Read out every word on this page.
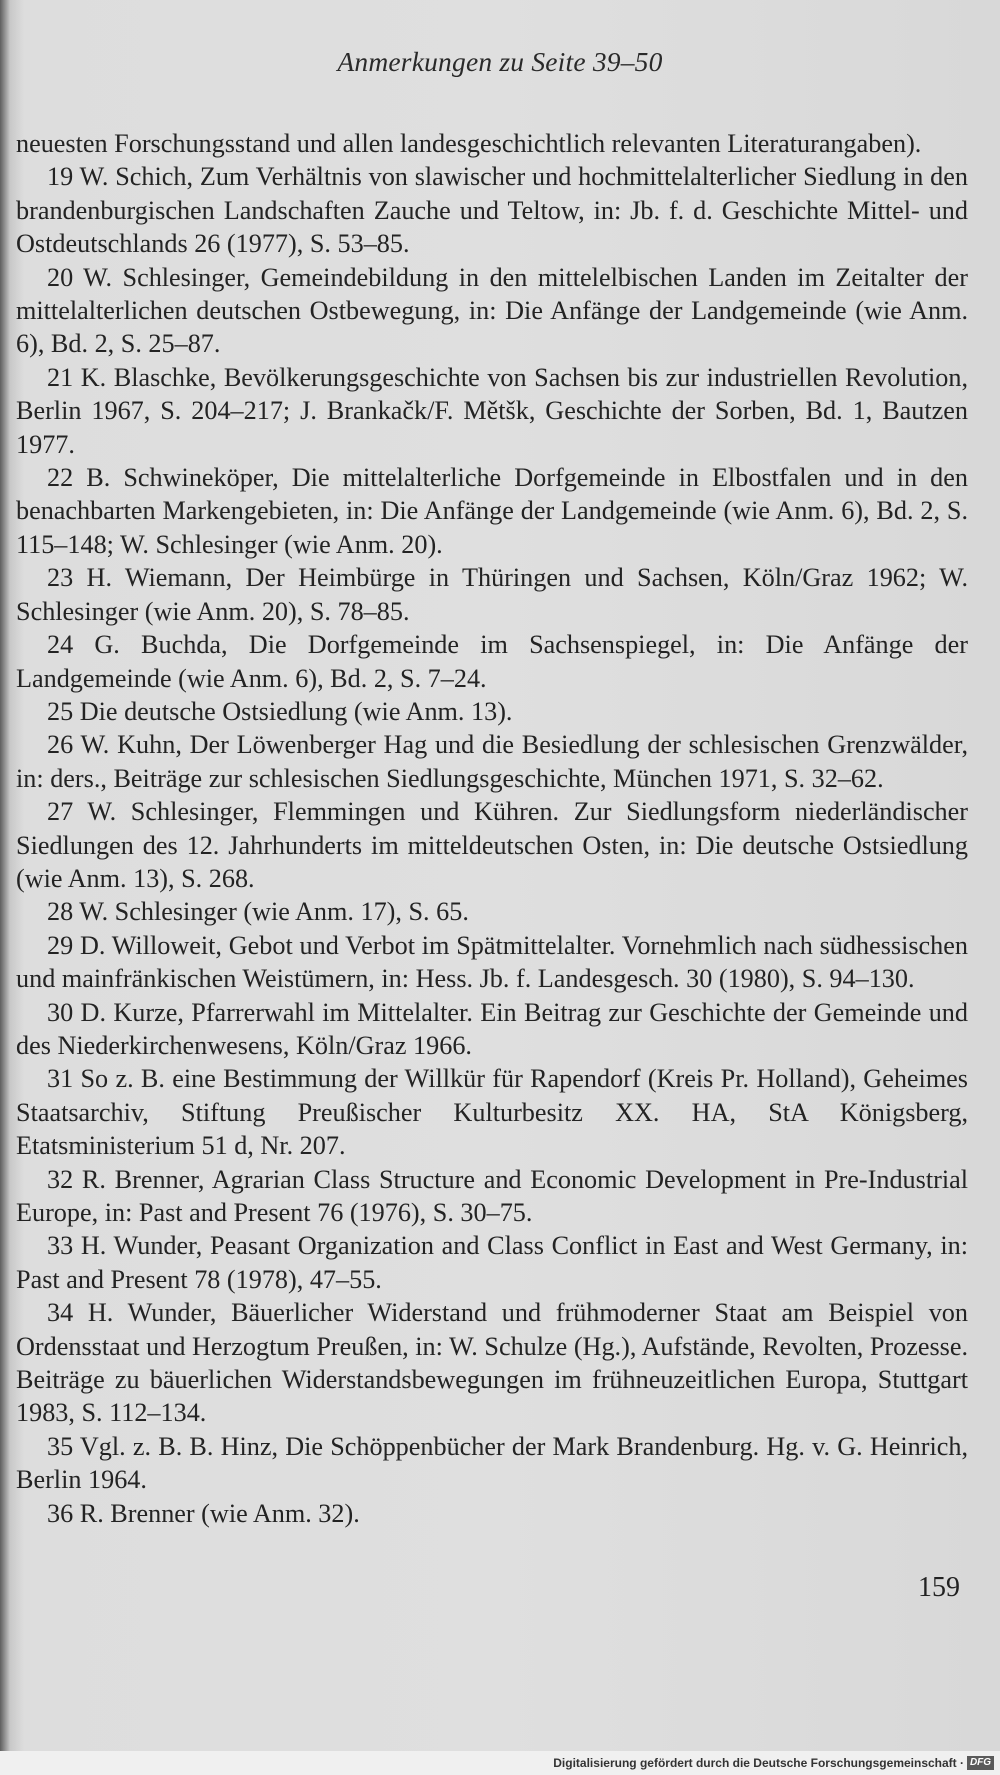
Anmerkungen zu Seite 39–50

neuesten Forschungsstand und allen landesgeschichtlich relevanten Literaturangaben).

19 W. Schich, Zum Verhältnis von slawischer und hochmittelalterlicher Siedlung in den brandenburgischen Landschaften Zauche und Teltow, in: Jb. f. d. Geschichte Mittel- und Ostdeutschlands 26 (1977), S. 53–85.

20 W. Schlesinger, Gemeindebildung in den mittelelbischen Landen im Zeitalter der mittelalterlichen deutschen Ostbewegung, in: Die Anfänge der Landgemeinde (wie Anm. 6), Bd. 2, S. 25–87.

21 K. Blaschke, Bevölkerungsgeschichte von Sachsen bis zur industriellen Revolution, Berlin 1967, S. 204–217; J. Brankačk/F. Mětšk, Geschichte der Sorben, Bd. 1, Bautzen 1977.

22 B. Schwineköper, Die mittelalterliche Dorfgemeinde in Elbostfalen und in den benachbarten Markengebieten, in: Die Anfänge der Landgemeinde (wie Anm. 6), Bd. 2, S. 115–148; W. Schlesinger (wie Anm. 20).

23 H. Wiemann, Der Heimbürge in Thüringen und Sachsen, Köln/Graz 1962; W. Schlesinger (wie Anm. 20), S. 78–85.

24 G. Buchda, Die Dorfgemeinde im Sachsenspiegel, in: Die Anfänge der Landgemeinde (wie Anm. 6), Bd. 2, S. 7–24.

25 Die deutsche Ostsiedlung (wie Anm. 13).

26 W. Kuhn, Der Löwenberger Hag und die Besiedlung der schlesischen Grenzwälder, in: ders., Beiträge zur schlesischen Siedlungsgeschichte, München 1971, S. 32–62.

27 W. Schlesinger, Flemmingen und Kühren. Zur Siedlungsform niederländischer Siedlungen des 12. Jahrhunderts im mitteldeutschen Osten, in: Die deutsche Ostsiedlung (wie Anm. 13), S. 268.

28 W. Schlesinger (wie Anm. 17), S. 65.

29 D. Willoweit, Gebot und Verbot im Spätmittelalter. Vornehmlich nach südhessischen und mainfränkischen Weistümern, in: Hess. Jb. f. Landesgesch. 30 (1980), S. 94–130.

30 D. Kurze, Pfarrerwahl im Mittelalter. Ein Beitrag zur Geschichte der Gemeinde und des Niederkirchenwesens, Köln/Graz 1966.

31 So z. B. eine Bestimmung der Willkür für Rapendorf (Kreis Pr. Holland), Geheimes Staatsarchiv, Stiftung Preußischer Kulturbesitz XX. HA, StA Königsberg, Etatsministerium 51 d, Nr. 207.

32 R. Brenner, Agrarian Class Structure and Economic Development in Pre-Industrial Europe, in: Past and Present 76 (1976), S. 30–75.

33 H. Wunder, Peasant Organization and Class Conflict in East and West Germany, in: Past and Present 78 (1978), 47–55.

34 H. Wunder, Bäuerlicher Widerstand und frühmoderner Staat am Beispiel von Ordensstaat und Herzogtum Preußen, in: W. Schulze (Hg.), Aufstände, Revolten, Prozesse. Beiträge zu bäuerlichen Widerstandsbewegungen im frühneuzeitlichen Europa, Stuttgart 1983, S. 112–134.

35 Vgl. z. B. B. Hinz, Die Schöppenbücher der Mark Brandenburg. Hg. v. G. Heinrich, Berlin 1964.

36 R. Brenner (wie Anm. 32).

159
Digitalisierung gefördert durch die Deutsche Forschungsgemeinschaft · DFG
